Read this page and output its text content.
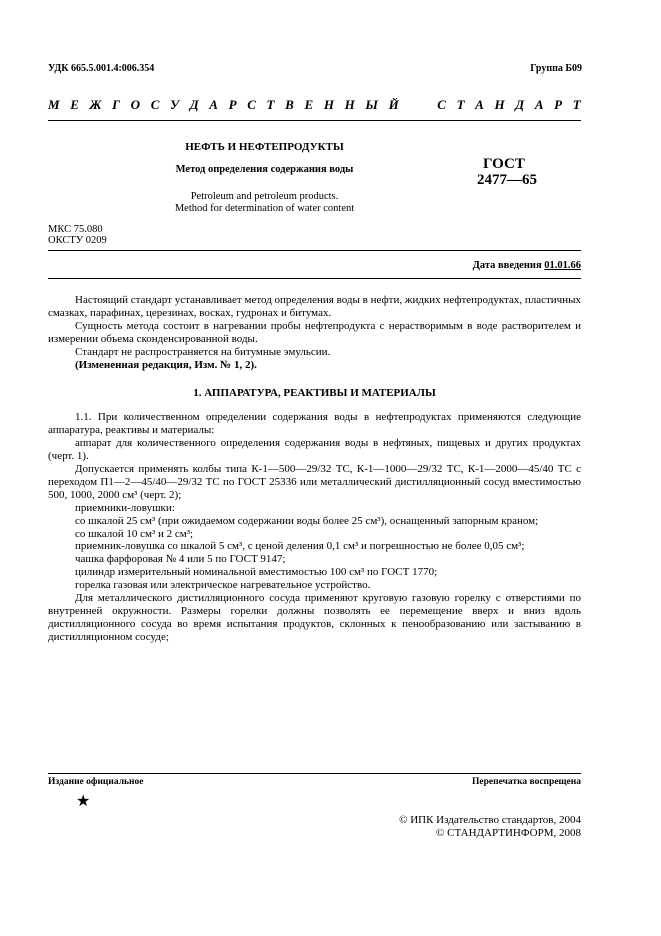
УДК 665.5.001.4:006.354	Группа Б09
М Е Ж Г О С У Д А Р С Т В Е Н Н Ы Й

	С Т А Н Д А Р Т
НЕФТЬ И НЕФТЕПРОДУКТЫ
Метод определения содержания воды
Petroleum and petroleum products.
Method for determination of water content
ГОСТ
2477—65
МКС 75.080
ОКСТУ 0209
Дата введения 01.01.66

Настоящий стандарт устанавливает метод определения воды в нефти, жидких нефтепродуктах, пластичных смазках, парафинах, церезинах, восках, гудронах и битумах.

Сущность метода состоит в нагревании пробы нефтепродукта с нерастворимым в воде растворителем и измерении объема сконденсированной воды.

Стандарт не распространяется на битумные эмульсии.

(Измененная редакция, Изм. № 1, 2).

1. АППАРАТУРА, РЕАКТИВЫ И МАТЕРИАЛЫ

1.1. При количественном определении содержания воды в нефтепродуктах применяются следующие аппаратура, реактивы и материалы:

аппарат для количественного определения содержания воды в нефтяных, пищевых и других продуктах (черт. 1).

Допускается применять колбы типа К-1—500—29/32 ТС, К-1—1000—29/32 ТС, К-1—2000—45/40 ТС с переходом П1—2—45/40—29/32 ТС по ГОСТ 25336 или металлический дистилляционный сосуд вместимостью 500, 1000, 2000 см³ (черт. 2);

приемники-ловушки:

со шкалой 25 см³ (при ожидаемом содержании воды более 25 см³), оснащенный запорным краном;

со шкалой 10 см³ и 2 см³;

приемник-ловушка со шкалой 5 см³, с ценой деления 0,1 см³ и погрешностью не более 0,05 см³;

чашка фарфоровая № 4 или 5 по ГОСТ 9147;

цилиндр измерительный номинальной вместимостью 100 см³ по ГОСТ 1770;

горелка газовая или электрическое нагревательное устройство.

Для металлического дистилляционного сосуда применяют круговую газовую горелку с отверстиями по внутренней окружности. Размеры горелки должны позволять ее перемещение вверх и вниз вдоль дистилляционного сосуда во время испытания продуктов, склонных к пенообразованию или застыванию в дистилляционном сосуде;

Издание официальное	Перепечатка воспрещена
★
© ИПК Издательство стандартов, 2004
© СТАНДАРТИНФОРМ, 2008
